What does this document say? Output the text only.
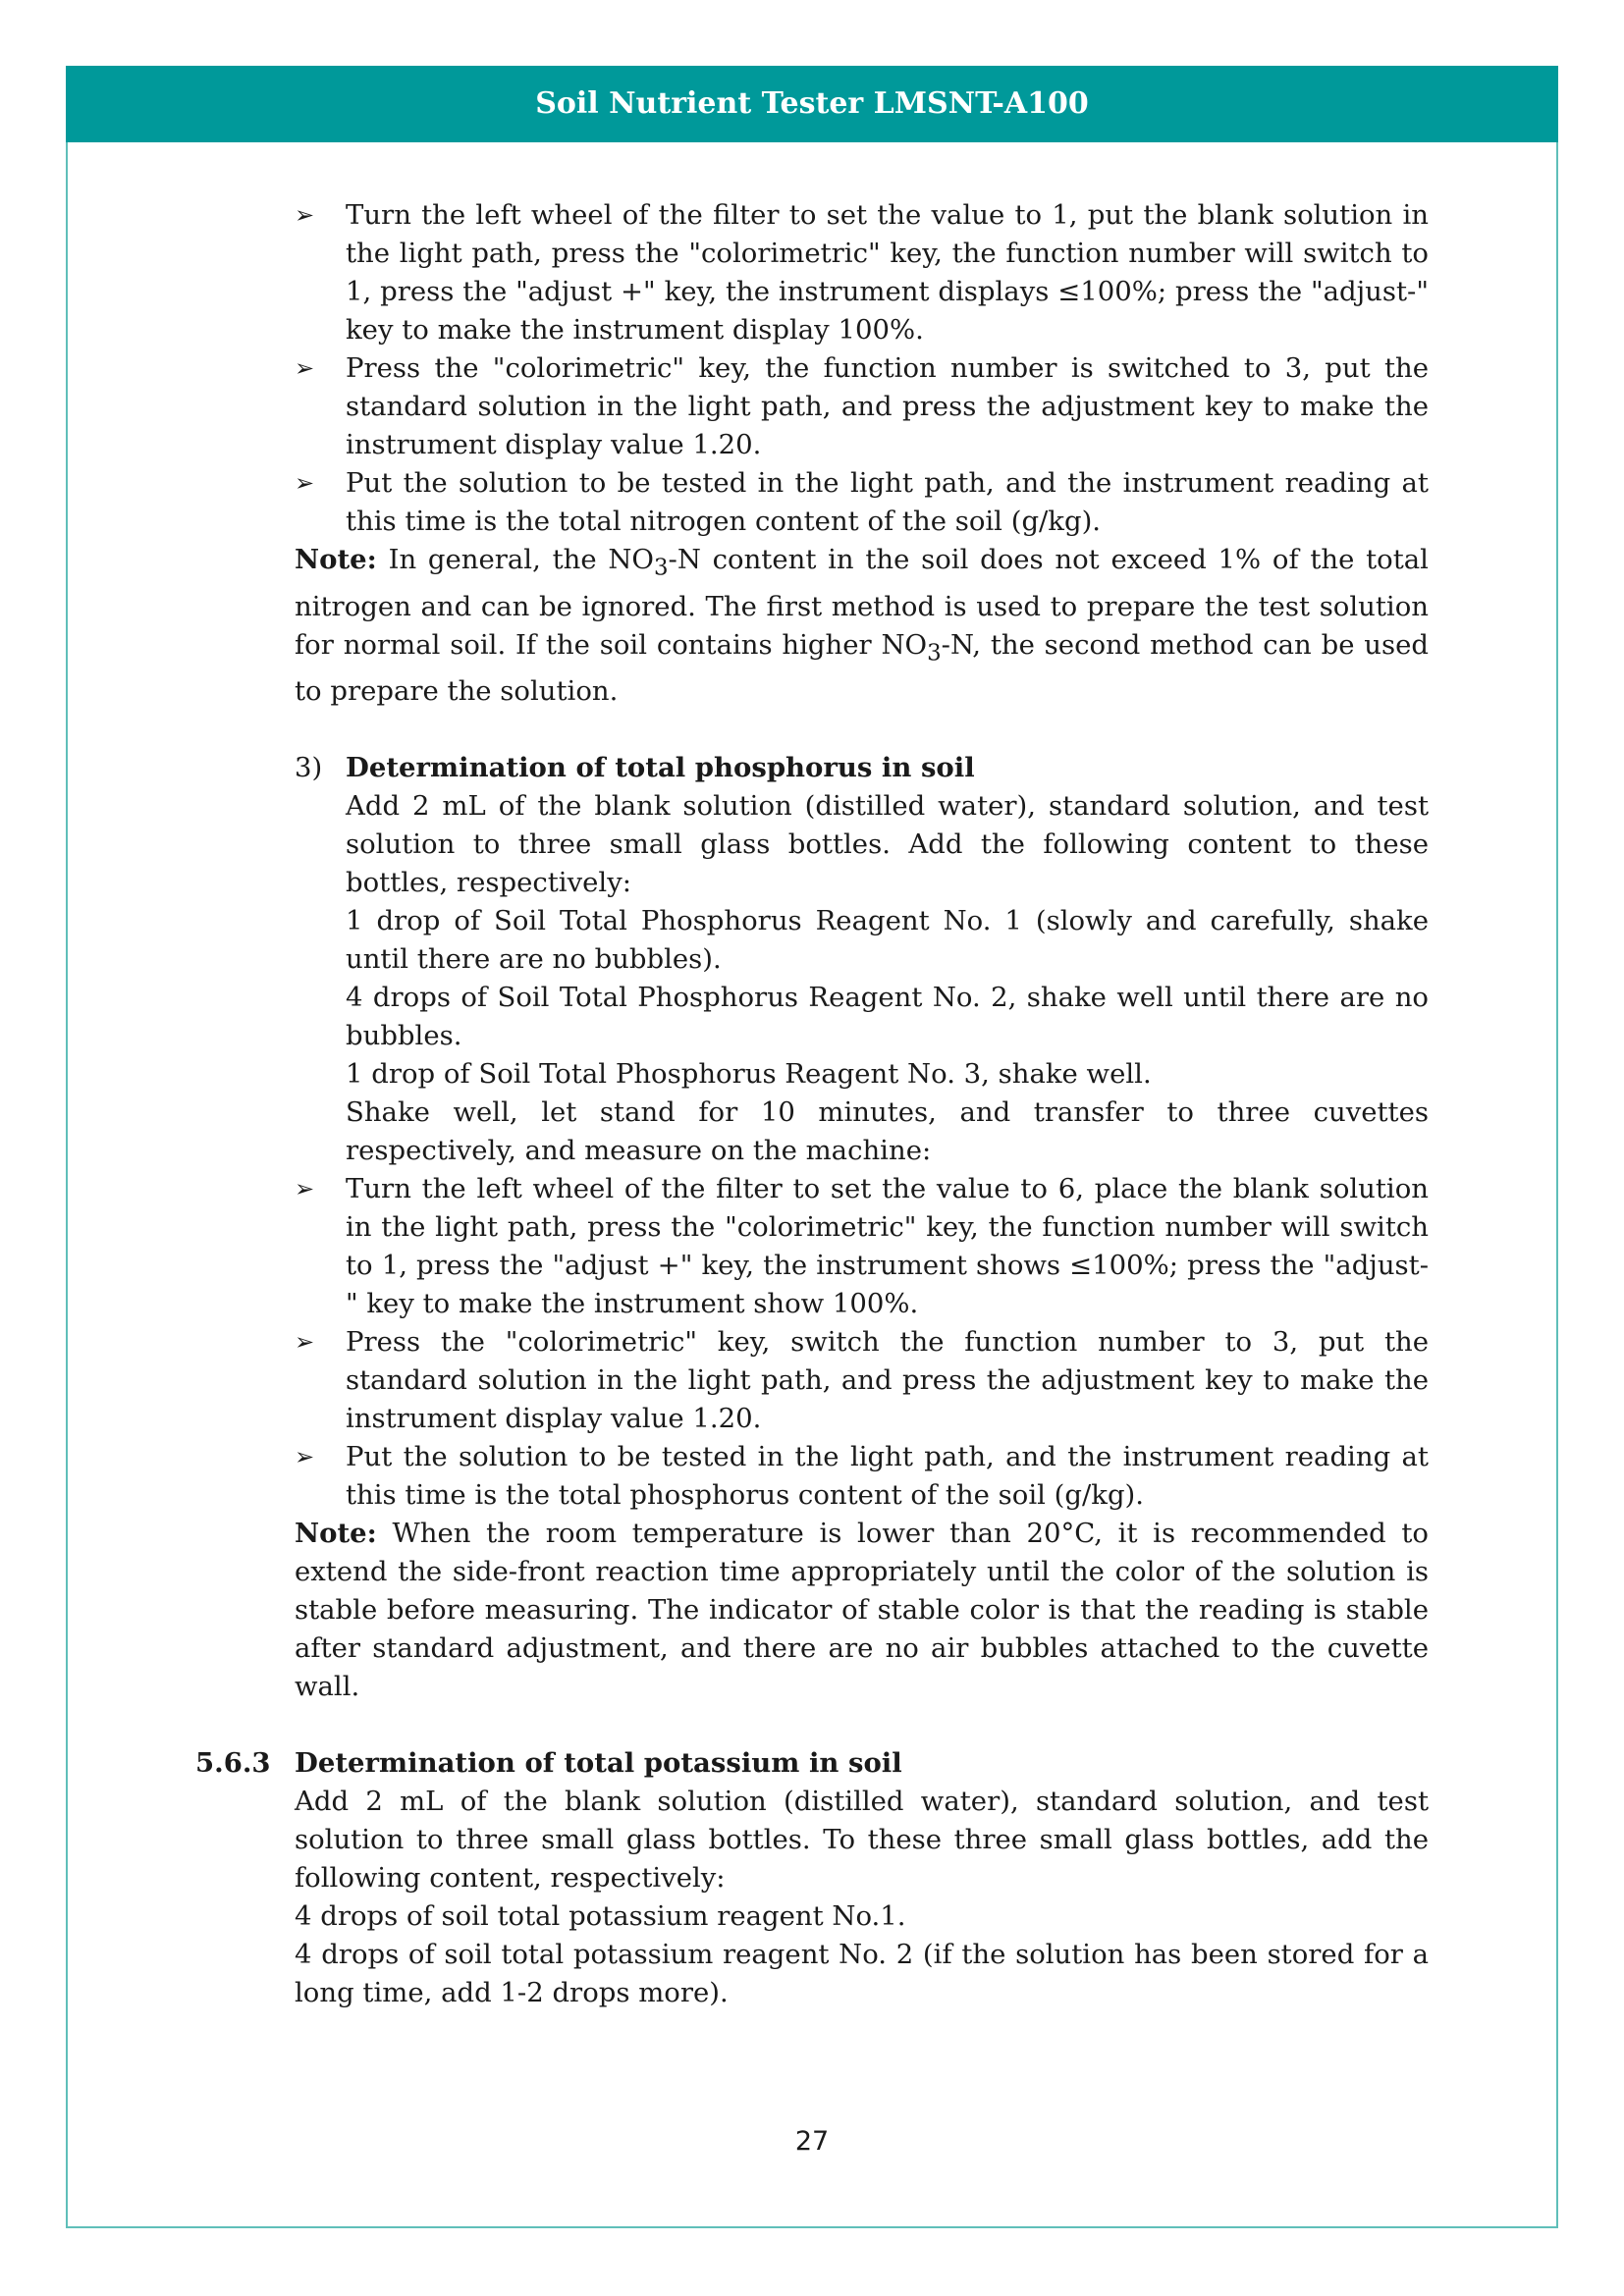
Soil Nutrient Tester LMSNT-A100

➢ Turn the left wheel of the filter to set the value to 1, put the blank solution in the light path, press the "colorimetric" key, the function number will switch to 1, press the "adjust +" key, the instrument displays ≤100%; press the "adjust-" key to make the instrument display 100%.

➢ Press the "colorimetric" key, the function number is switched to 3, put the standard solution in the light path, and press the adjustment key to make the instrument display value 1.20.

➢ Put the solution to be tested in the light path, and the instrument reading at this time is the total nitrogen content of the soil (g/kg).

Note: In general, the $NO_3-N$ content in the soil does not exceed 1% of the total nitrogen and can be ignored. The first method is used to prepare the test solution for normal soil. If the soil contains higher $NO_3-N$, the second method can be used to prepare the solution.

3) Determination of total phosphorus in soil

Add 2 mL of the blank solution (distilled water), standard solution, and test solution to three small glass bottles. Add the following content to these bottles, respectively:

1 drop of Soil Total Phosphorus Reagent No. 1 (slowly and carefully, shake until there are no bubbles).

4 drops of Soil Total Phosphorus Reagent No. 2, shake well until there are no bubbles.

1 drop of Soil Total Phosphorus Reagent No. 3, shake well.

Shake well, let stand for 10 minutes, and transfer to three cuvettes respectively, and measure on the machine:

➢ Turn the left wheel of the filter to set the value to 6, place the blank solution in the light path, press the "colorimetric" key, the function number will switch to 1, press the "adjust +" key, the instrument shows ≤100%; press the "adjust-" key to make the instrument show 100%.

➢ Press the "colorimetric" key, switch the function number to 3, put the standard solution in the light path, and press the adjustment key to make the instrument display value 1.20.

➢ Put the solution to be tested in the light path, and the instrument reading at this time is the total phosphorus content of the soil (g/kg).

Note: When the room temperature is lower than 20°C, it is recommended to extend the side-front reaction time appropriately until the color of the solution is stable before measuring. The indicator of stable color is that the reading is stable after standard adjustment, and there are no air bubbles attached to the cuvette wall.

5.6.3 Determination of total potassium in soil

Add 2 mL of the blank solution (distilled water), standard solution, and test solution to three small glass bottles. To these three small glass bottles, add the following content, respectively:

4 drops of soil total potassium reagent No.1.

4 drops of soil total potassium reagent No. 2 (if the solution has been stored for a long time, add 1-2 drops more).

27
